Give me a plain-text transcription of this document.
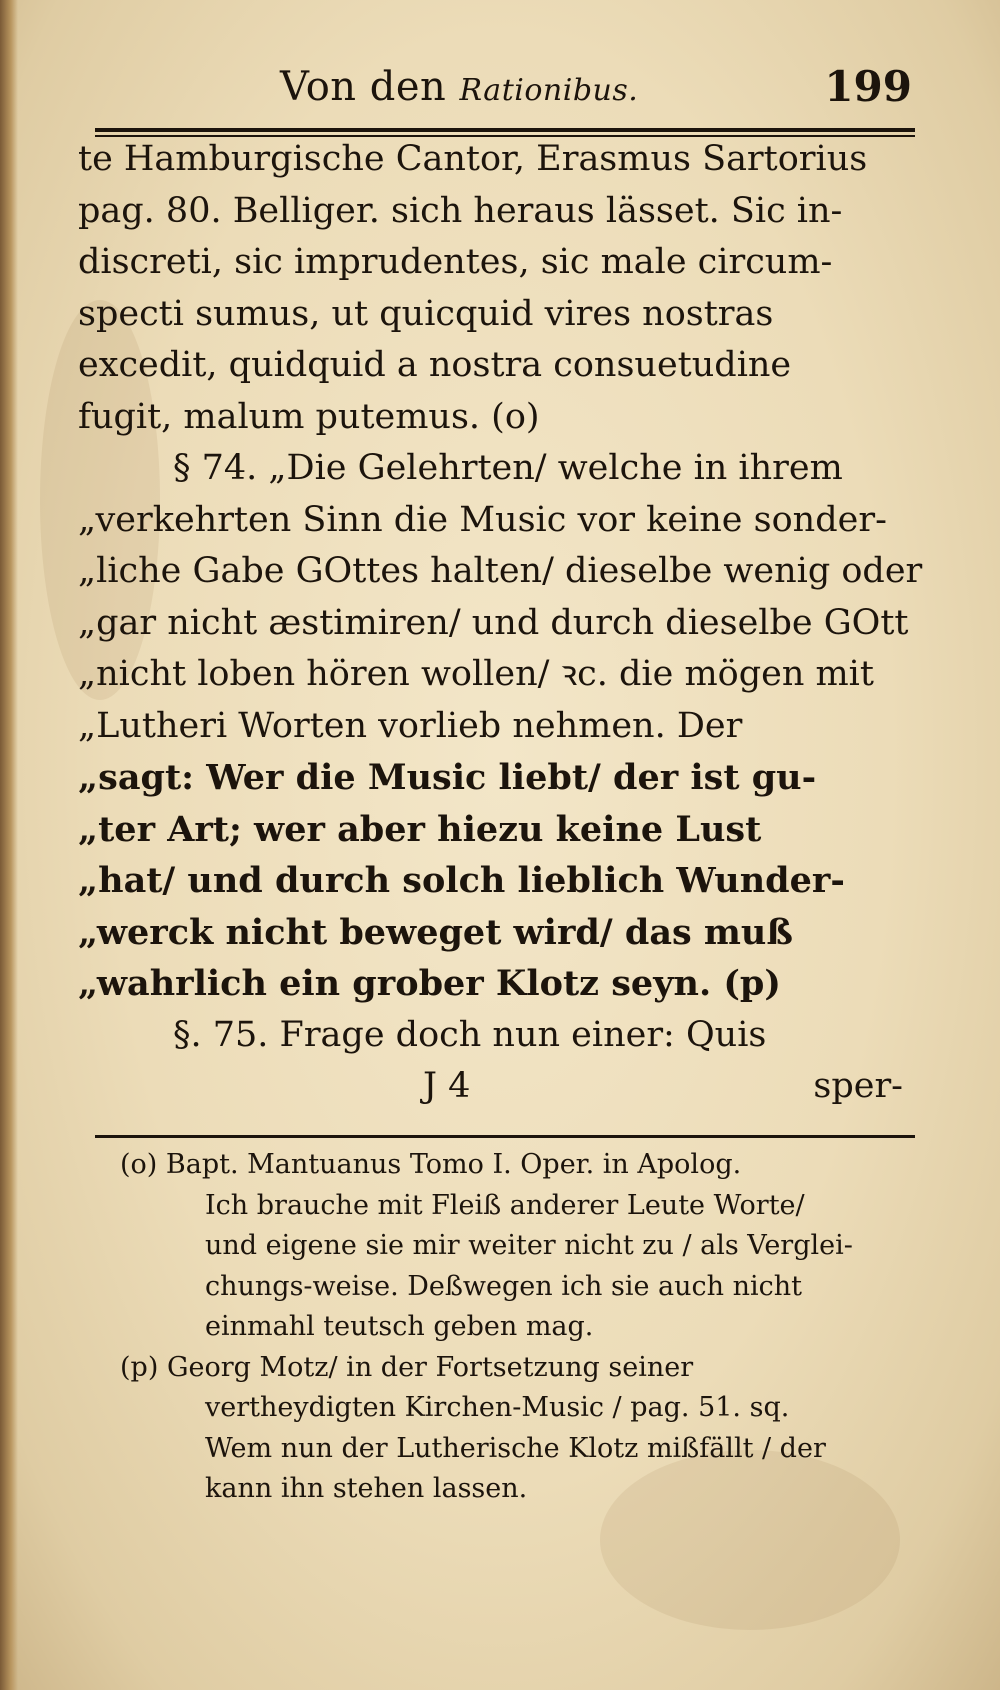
Von den Rationibus.	199
te Hamburgische Cantor, Erasmus Sartorius
pag. 80. Belliger. sich heraus lässet. Sic in-
discreti, sic imprudentes, sic male circum-
specti sumus, ut quicquid vires nostras
excedit, quidquid a nostra consuetudine
fugit, malum putemus. (o)
§ 74. „Die Gelehrten/ welche in ihrem
„verkehrten Sinn die Music vor keine sonder-
„liche Gabe GOttes halten/ dieselbe wenig oder
„gar nicht æstimiren/ und durch dieselbe GOtt
„nicht loben hören wollen/ ꝛc. die mögen mit
„Lutheri Worten vorlieb nehmen. Der
„sagt: Wer die Music liebt/ der ist gu-
„ter Art; wer aber hiezu keine Lust
„hat/ und durch solch lieblich Wunder-
„werck nicht beweget wird/ das muß
„wahrlich ein grober Klotz seyn. (p)
§. 75. Frage doch nun einer: Quis
J 4	sper-
(o) Bapt. Mantuanus Tomo I. Oper. in Apolog.
Ich brauche mit Fleiß anderer Leute Worte/
und eigene sie mir weiter nicht zu / als Verglei-
chungs-weise. Deßwegen ich sie auch nicht
einmahl teutsch geben mag.
(p) Georg Motz/ in der Fortsetzung seiner
vertheydigten Kirchen-Music / pag. 51. sq.
Wem nun der Lutherische Klotz mißfällt / der
kann ihn stehen lassen.
